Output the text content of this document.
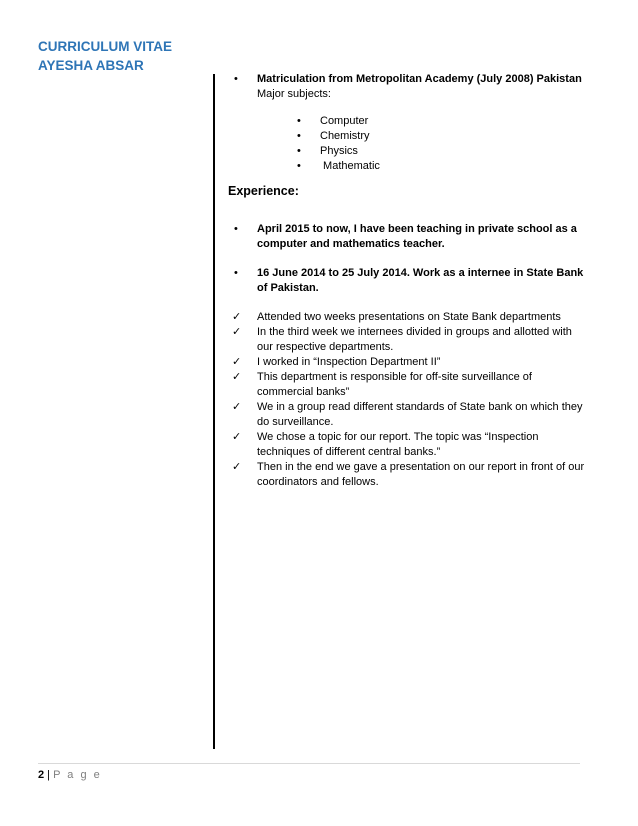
CURRICULUM VITAE
AYESHA ABSAR
• Matriculation from Metropolitan Academy (July 2008) Pakistan
Major subjects:
• Computer
• Chemistry
• Physics
• Mathematic
Experience:
• April 2015 to now, I have been teaching in private school as a computer and mathematics teacher.
• 16 June 2014 to 25 July 2014. Work as a internee in State Bank of Pakistan.
✓ Attended two weeks presentations on State Bank departments
✓ In the third week we internees divided in groups and allotted with our respective departments.
✓ I worked in “Inspection Department II”
✓ This department is responsible for off-site surveillance of commercial banks”
✓ We in a group read different standards of State bank on which they do surveillance.
✓ We chose a topic for our report. The topic was “Inspection techniques of different central banks.”
✓ Then in the end we gave a presentation on our report in front of our coordinators and fellows.
2 | P a g e
